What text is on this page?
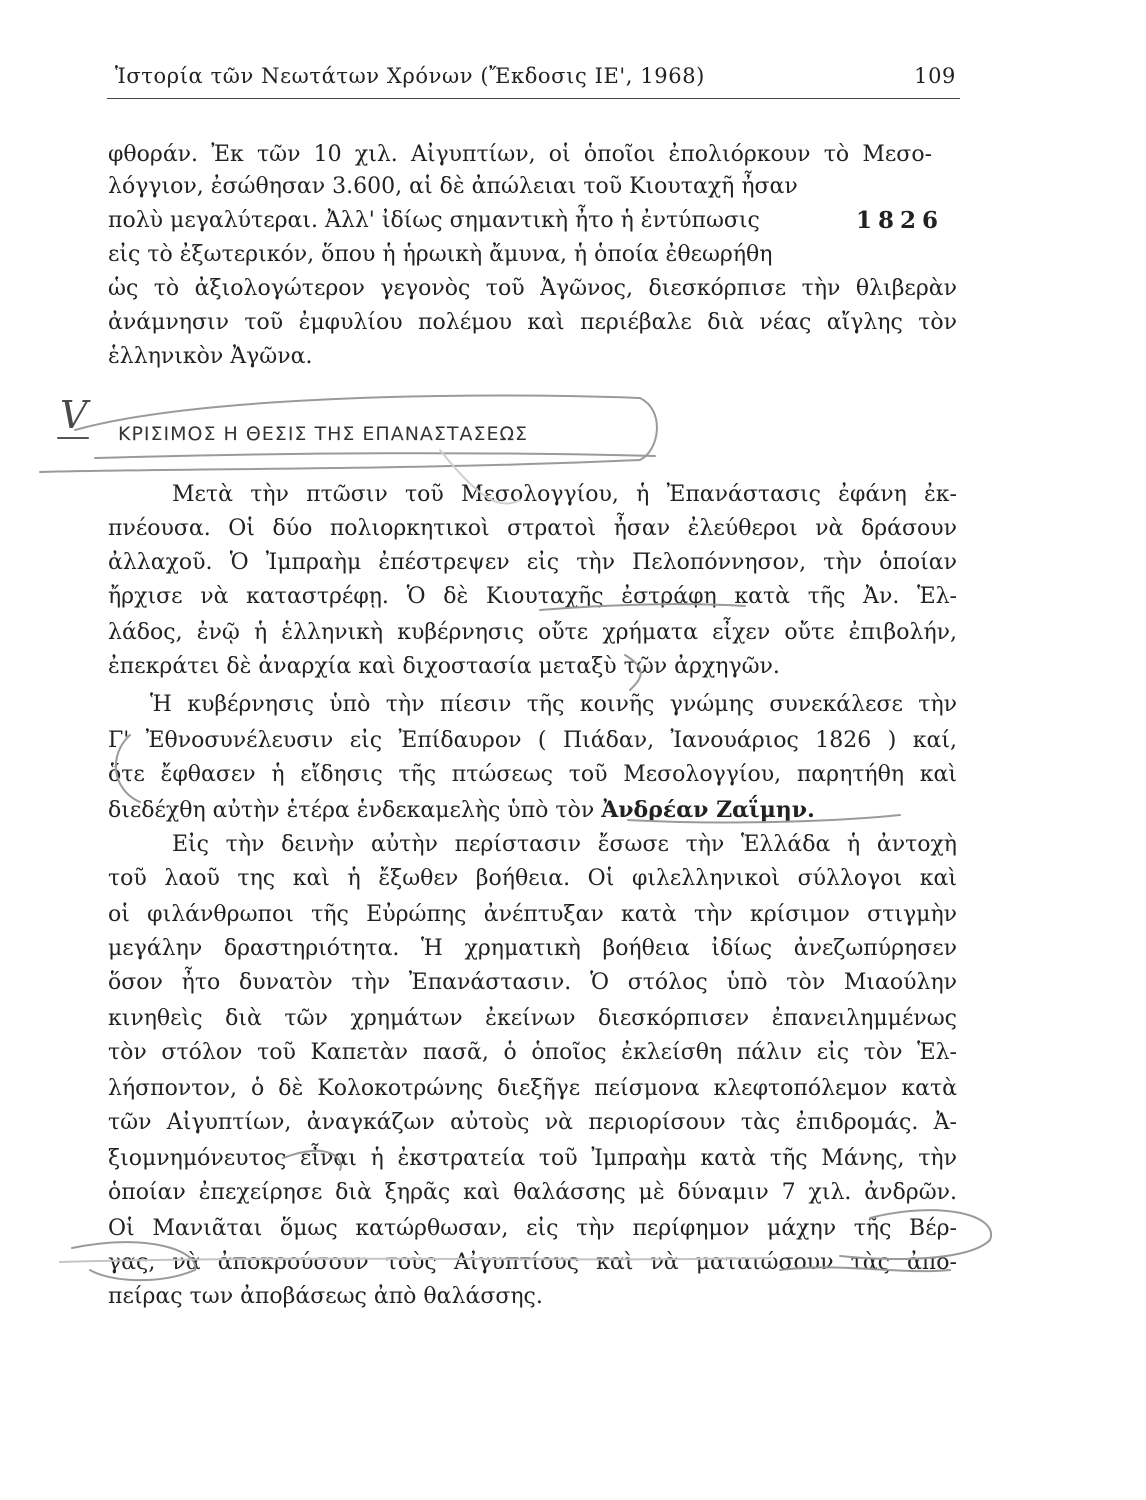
Ἱστορία τῶν Νεωτάτων Χρόνων (Ἔκδοσις ΙΕ', 1968)	109
φθοράν. Ἐκ τῶν 10 χιλ. Αἰγυπτίων, οἱ ὁποῖοι ἐπολιόρκουν τὸ Μεσο-
λόγγιον, ἐσώθησαν 3.600, αἱ δὲ ἀπώλειαι τοῦ Κιουταχῆ ἦσαν
πολὺ μεγαλύτεραι. Ἀλλ' ἰδίως σημαντικὴ ἦτο ἡ ἐντύπωσις	1826
εἰς τὸ ἐξωτερικόν, ὅπου ἡ ἡρωικὴ ἄμυνα, ἡ ὁποία ἐθεωρήθη
ὡς τὸ ἀξιολογώτερον γεγονὸς τοῦ Ἀγῶνος, διεσκόρπισε τὴν θλιβερὰν
ἀνάμνησιν τοῦ ἐμφυλίου πολέμου καὶ περιέβαλε διὰ νέας αἴγλης τὸν
ἑλληνικὸν Ἀγῶνα.
ΚΡΙΣΙΜΟΣ Η ΘΕΣΙΣ ΤΗΣ ΕΠΑΝΑΣΤΑΣΕΩΣ
Μετὰ τὴν πτῶσιν τοῦ Μεσολογγίου, ἡ Ἐπανάστασις ἐφάνη ἐκ-
πνέουσα. Οἱ δύο πολιορκητικοὶ στρατοὶ ἦσαν ἐλεύθεροι νὰ δράσουν
ἀλλαχοῦ. Ὁ Ἰμπραὴμ ἐπέστρεψεν εἰς τὴν Πελοπόννησον, τὴν ὁποίαν
ἤρχισε νὰ καταστρέφῃ. Ὁ δὲ Κιουταχῆς ἐστράφη κατὰ τῆς Ἀν. Ἑλ-
λάδος, ἐνῷ ἡ ἑλληνικὴ κυβέρνησις οὔτε χρήματα εἶχεν οὔτε ἐπιβολήν,
ἐπεκράτει δὲ ἀναρχία καὶ διχοστασία μεταξὺ τῶν ἀρχηγῶν.
Ἡ κυβέρνησις ὑπὸ τὴν πίεσιν τῆς κοινῆς γνώμης συνεκάλεσε τὴν
Γ' Ἐθνοσυνέλευσιν εἰς Ἐπίδαυρον ( Πιάδαν, Ἰανουάριος 1826 ) καί,
ὅτε ἔφθασεν ἡ εἴδησις τῆς πτώσεως τοῦ Μεσολογγίου, παρητήθη καὶ
διεδέχθη αὐτὴν ἑτέρα ἑνδεκαμελὴς ὑπὸ τὸν Ἀνδρέαν Ζαΐμην.
Εἰς τὴν δεινὴν αὐτὴν περίστασιν ἔσωσε τὴν Ἑλλάδα ἡ ἀντοχὴ
τοῦ λαοῦ της καὶ ἡ ἔξωθεν βοήθεια. Οἱ φιλελληνικοὶ σύλλογοι καὶ
οἱ φιλάνθρωποι τῆς Εὐρώπης ἀνέπτυξαν κατὰ τὴν κρίσιμον στιγμὴν
μεγάλην δραστηριότητα. Ἡ χρηματικὴ βοήθεια ἰδίως ἀνεζωπύρησεν
ὅσον ἦτο δυνατὸν τὴν Ἐπανάστασιν. Ὁ στόλος ὑπὸ τὸν Μιαούλην
κινηθεὶς διὰ τῶν χρημάτων ἐκείνων διεσκόρπισεν ἐπανειλημμένως
τὸν στόλον τοῦ Καπετὰν πασᾶ, ὁ ὁποῖος ἐκλείσθη πάλιν εἰς τὸν Ἑλ-
λήσποντον, ὁ δὲ Κολοκοτρώνης διεξῆγε πείσμονα κλεφτοπόλεμον κατὰ
τῶν Αἰγυπτίων, ἀναγκάζων αὐτοὺς νὰ περιορίσουν τὰς ἐπιδρομάς. Ἀ-
ξιομνημόνευτος εἶναι ἡ ἐκστρατεία τοῦ Ἰμπραὴμ κατὰ τῆς Μάνης, τὴν
ὁποίαν ἐπεχείρησε διὰ ξηρᾶς καὶ θαλάσσης μὲ δύναμιν 7 χιλ. ἀνδρῶν.
Οἱ Μανιᾶται ὅμως κατώρθωσαν, εἰς τὴν περίφημον μάχην τῆς Βέρ-
γας, νὰ ἀποκρούσουν τοὺς Αἰγυπτίους καὶ νὰ ματαιώσουν τὰς ἀπο-
πείρας των ἀποβάσεως ἀπὸ θαλάσσης.
V
